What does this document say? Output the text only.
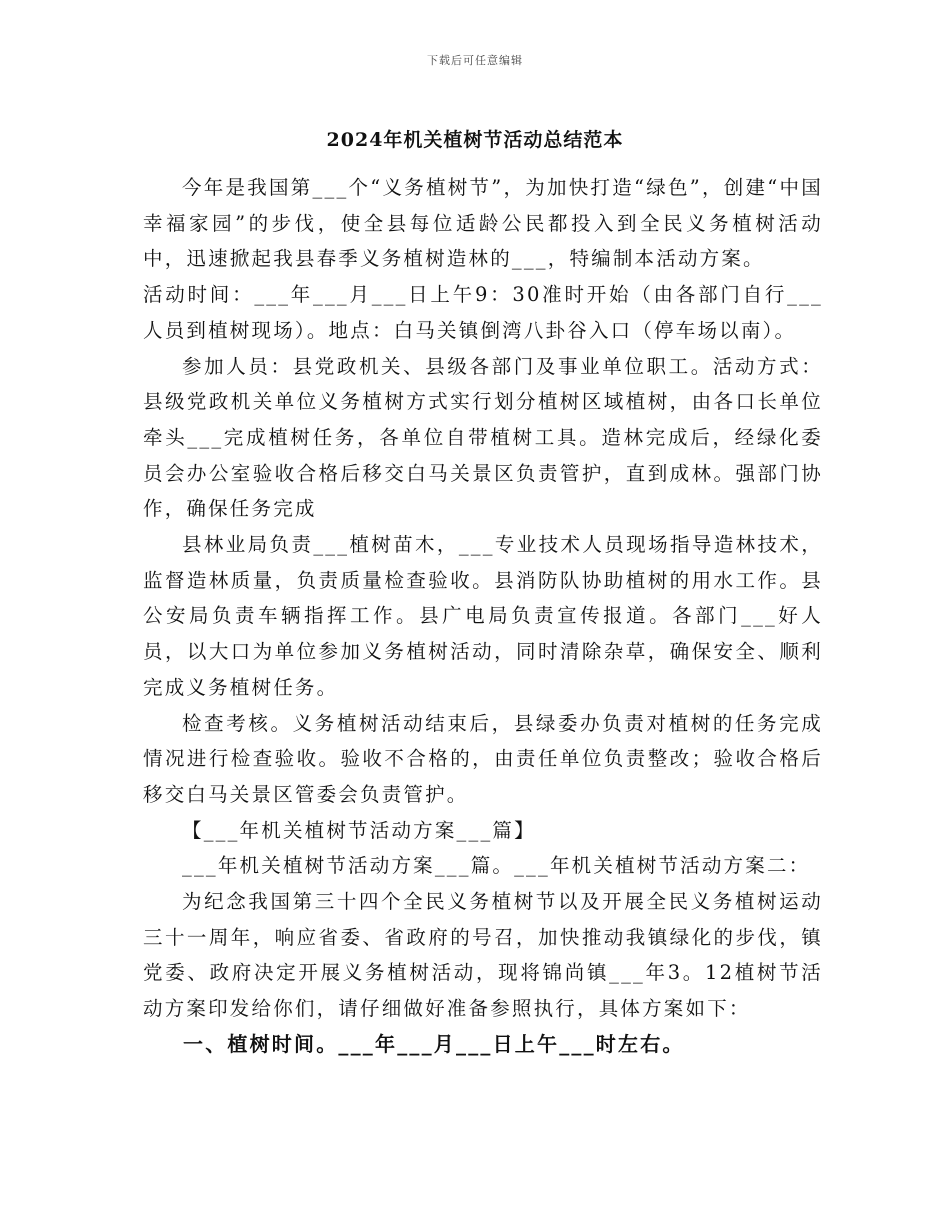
下载后可任意编辑
2024年机关植树节活动总结范本

今年是我国第___个“义务植树节”，为加快打造“绿色”，创建“中国幸福家园”的步伐，使全县每位适龄公民都投入到全民义务植树活动中，迅速掀起我县春季义务植树造林的___，特编制本活动方案。

活动时间：___年___月___日上午9：30准时开始（由各部门自行___人员到植树现场）。地点：白马关镇倒湾八卦谷入口（停车场以南）。

参加人员：县党政机关、县级各部门及事业单位职工。活动方式：县级党政机关单位义务植树方式实行划分植树区域植树，由各口长单位牵头___完成植树任务，各单位自带植树工具。造林完成后，经绿化委员会办公室验收合格后移交白马关景区负责管护，直到成林。强部门协作，确保任务完成

县林业局负责___植树苗木，___专业技术人员现场指导造林技术，监督造林质量，负责质量检查验收。县消防队协助植树的用水工作。县公安局负责车辆指挥工作。县广电局负责宣传报道。各部门___好人员，以大口为单位参加义务植树活动，同时清除杂草，确保安全、顺利完成义务植树任务。

检查考核。义务植树活动结束后，县绿委办负责对植树的任务完成情况进行检查验收。验收不合格的，由责任单位负责整改；验收合格后移交白马关景区管委会负责管护。

【___年机关植树节活动方案___篇】

___年机关植树节活动方案___篇。___年机关植树节活动方案二：

为纪念我国第三十四个全民义务植树节以及开展全民义务植树运动三十一周年，响应省委、省政府的号召，加快推动我镇绿化的步伐，镇党委、政府决定开展义务植树活动，现将锦尚镇___年3。12植树节活动方案印发给你们，请仔细做好准备参照执行，具体方案如下：

一、植树时间。___年___月___日上午___时左右。
